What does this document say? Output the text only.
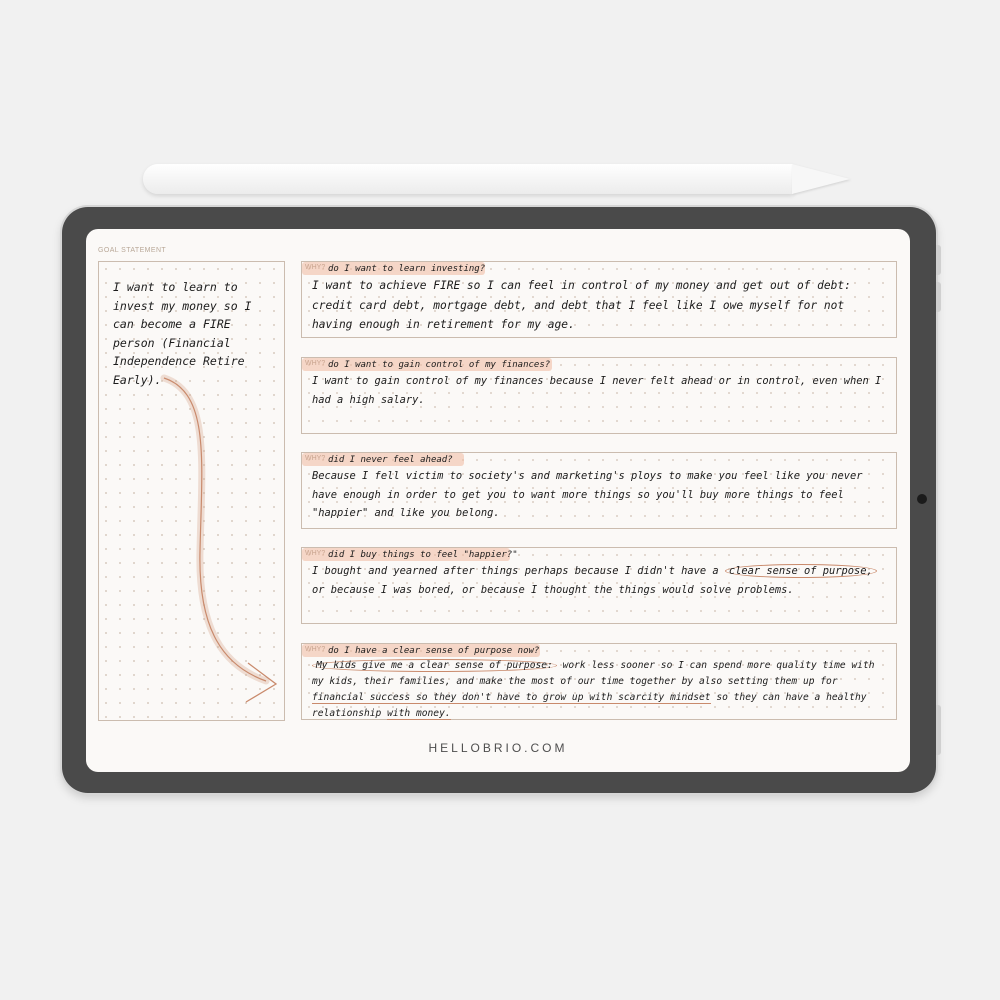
GOAL STATEMENT
I want to learn to invest my money so I can become a FIRE person (Financial Independence Retire Early).
WHY? do I want to learn investing?
I want to achieve FIRE so I can feel in control of my money and get out of debt: credit card debt, mortgage debt, and debt that I feel like I owe myself for not having enough in retirement for my age.
WHY? do I want to gain control of my finances?
I want to gain control of my finances because I never felt ahead or in control, even when I had a high salary.
WHY? did I never feel ahead?
Because I fell victim to society's and marketing's ploys to make you feel like you never have enough in order to get you to want more things so you'll buy more things to feel "happier" and like you belong.
WHY? did I buy things to feel "happier?"
I bought and yearned after things perhaps because I didn't have a clear sense of purpose, or because I was bored, or because I thought the things would solve problems.
WHY? do I have a clear sense of purpose now?
My kids give me a clear sense of purpose: work less sooner so I can spend more quality time with my kids, their families, and make the most of our time together by also setting them up for financial success so they don't have to grow up with scarcity mindset so they can have a healthy relationship with money.
HELLOBRIO.COM
